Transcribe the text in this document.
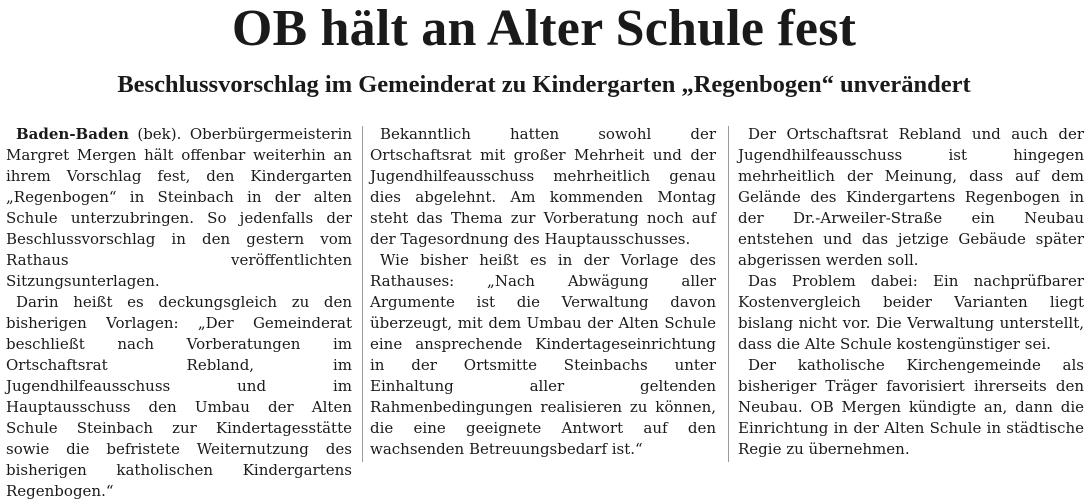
OB hält an Alter Schule fest
Beschlussvorschlag im Gemeinderat zu Kindergarten „Regenbogen“ unverändert

Baden-Baden (bek). Oberbürgermeisterin Margret Mergen hält offenbar weiterhin an ihrem Vorschlag fest, den Kindergarten „Regenbogen“ in Steinbach in der alten Schule unterzubringen. So jedenfalls der Beschlussvorschlag in den gestern vom Rathaus veröffentlichten Sitzungsunterlagen.

Darin heißt es deckungsgleich zu den bisherigen Vorlagen: „Der Gemeinderat beschließt nach Vorberatungen im Ortschaftsrat Rebland, im Jugendhilfeausschuss und im Hauptausschuss den Umbau der Alten Schule Steinbach zur Kindertagesstätte sowie die befristete Weiternutzung des bisherigen katholischen Kindergartens Regenbogen.“

Bekanntlich hatten sowohl der Ortschaftsrat mit großer Mehrheit und der Jugendhilfeausschuss mehrheitlich genau dies abgelehnt. Am kommenden Montag steht das Thema zur Vorberatung noch auf der Tagesordnung des Hauptausschusses.

Wie bisher heißt es in der Vorlage des Rathauses: „Nach Abwägung aller Argumente ist die Verwaltung davon überzeugt, mit dem Umbau der Alten Schule eine ansprechende Kindertageseinrichtung in der Ortsmitte Steinbachs unter Einhaltung aller geltenden Rahmenbedingungen realisieren zu können, die eine geeignete Antwort auf den wachsenden Betreuungsbedarf ist.“

Der Ortschaftsrat Rebland und auch der Jugendhilfeausschuss ist hingegen mehrheitlich der Meinung, dass auf dem Gelände des Kindergartens Regenbogen in der Dr.-Arweiler-Straße ein Neubau entstehen und das jetzige Gebäude später abgerissen werden soll.

Das Problem dabei: Ein nachprüfbarer Kostenvergleich beider Varianten liegt bislang nicht vor. Die Verwaltung unterstellt, dass die Alte Schule kostengünstiger sei.

Der katholische Kirchengemeinde als bisheriger Träger favorisiert ihrerseits den Neubau. OB Mergen kündigte an, dann die Einrichtung in der Alten Schule in städtische Regie zu übernehmen.
